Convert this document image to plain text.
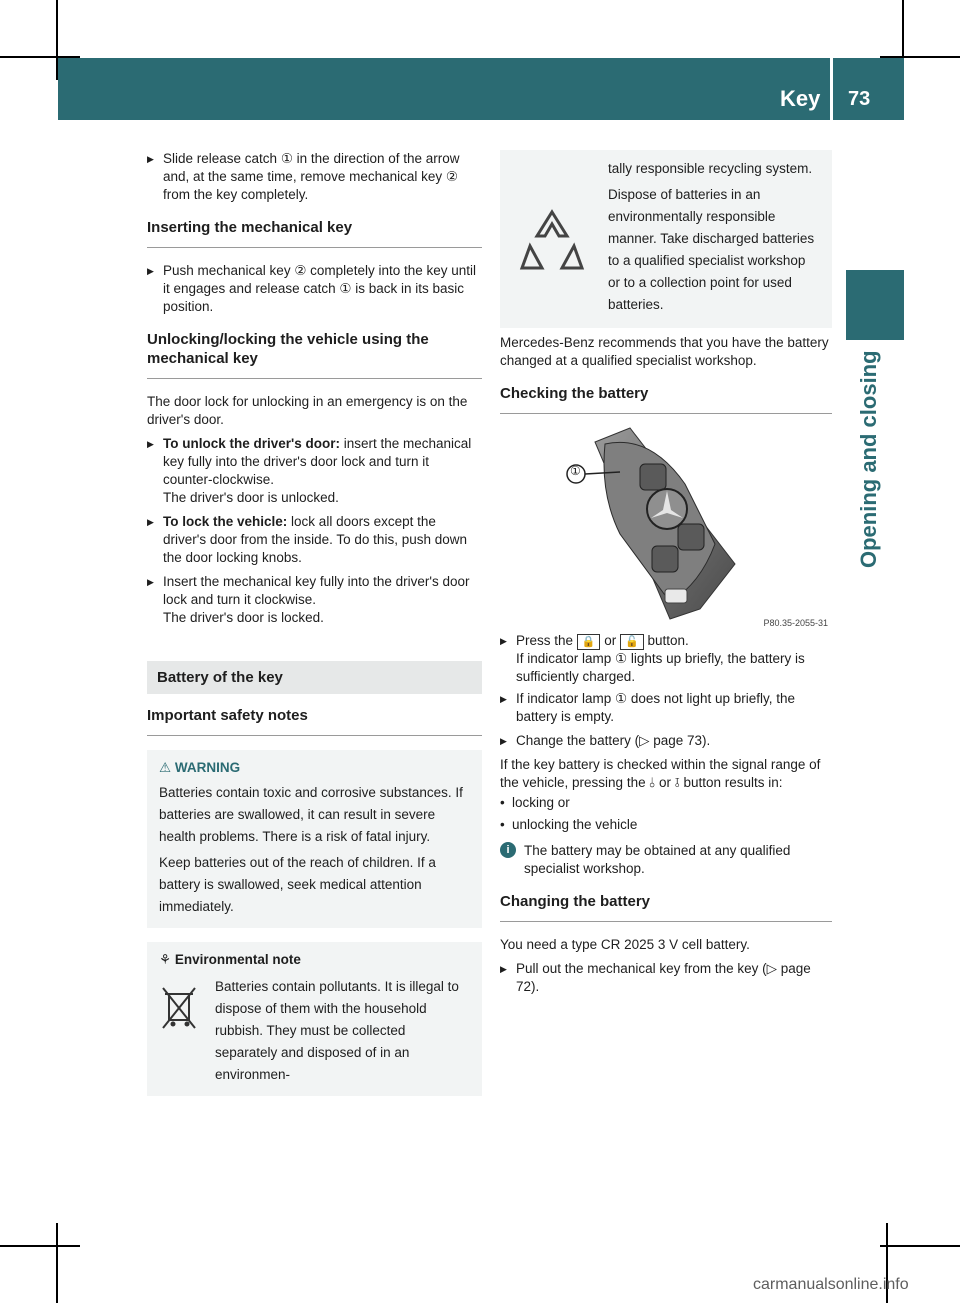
Key 73
Opening and closing
▶ Slide release catch ① in the direction of the arrow and, at the same time, remove mechanical key ② from the key completely.
Inserting the mechanical key
▶ Push mechanical key ② completely into the key until it engages and release catch ① is back in its basic position.
Unlocking/locking the vehicle using the mechanical key

The door lock for unlocking in an emergency is on the driver's door.

▶ To unlock the driver's door: insert the mechanical key fully into the driver's door lock and turn it counter-clockwise.
The driver's door is unlocked.
▶ To lock the vehicle: lock all doors except the driver's door from the inside. To do this, push down the door locking knobs.
▶ Insert the mechanical key fully into the driver's door lock and turn it clockwise.
The driver's door is locked.
Battery of the key
Important safety notes
⚠ WARNING

Batteries contain toxic and corrosive substances. If batteries are swallowed, it can result in severe health problems. There is a risk of fatal injury.

Keep batteries out of the reach of children. If a battery is swallowed, seek medical attention immediately.

⚘ Environmental note

Batteries contain pollutants. It is illegal to dispose of them with the household rubbish. They must be collected separately and disposed of in an environmen-

tally responsible recycling system.

Dispose of batteries in an environmentally responsible manner. Take discharged batteries to a qualified specialist workshop or to a collection point for used batteries.

Mercedes-Benz recommends that you have the battery changed at a qualified specialist workshop.

Checking the battery
①
P80.35-2055-31
▶ Press the 🔒 or 🔓 button.
If indicator lamp ① lights up briefly, the battery is sufficiently charged.
▶ If indicator lamp ① does not light up briefly, the battery is empty.
▶ Change the battery (▷ page 73).

If the key battery is checked within the signal range of the vehicle, pressing the ⫰ or ⫱ button results in:

• locking or
• unlocking the vehicle
i	The battery may be obtained at any qualified specialist workshop.

Changing the battery

You need a type CR 2025 3 V cell battery.

▶ Pull out the mechanical key from the key (▷ page 72).
carmanualsonline.info
